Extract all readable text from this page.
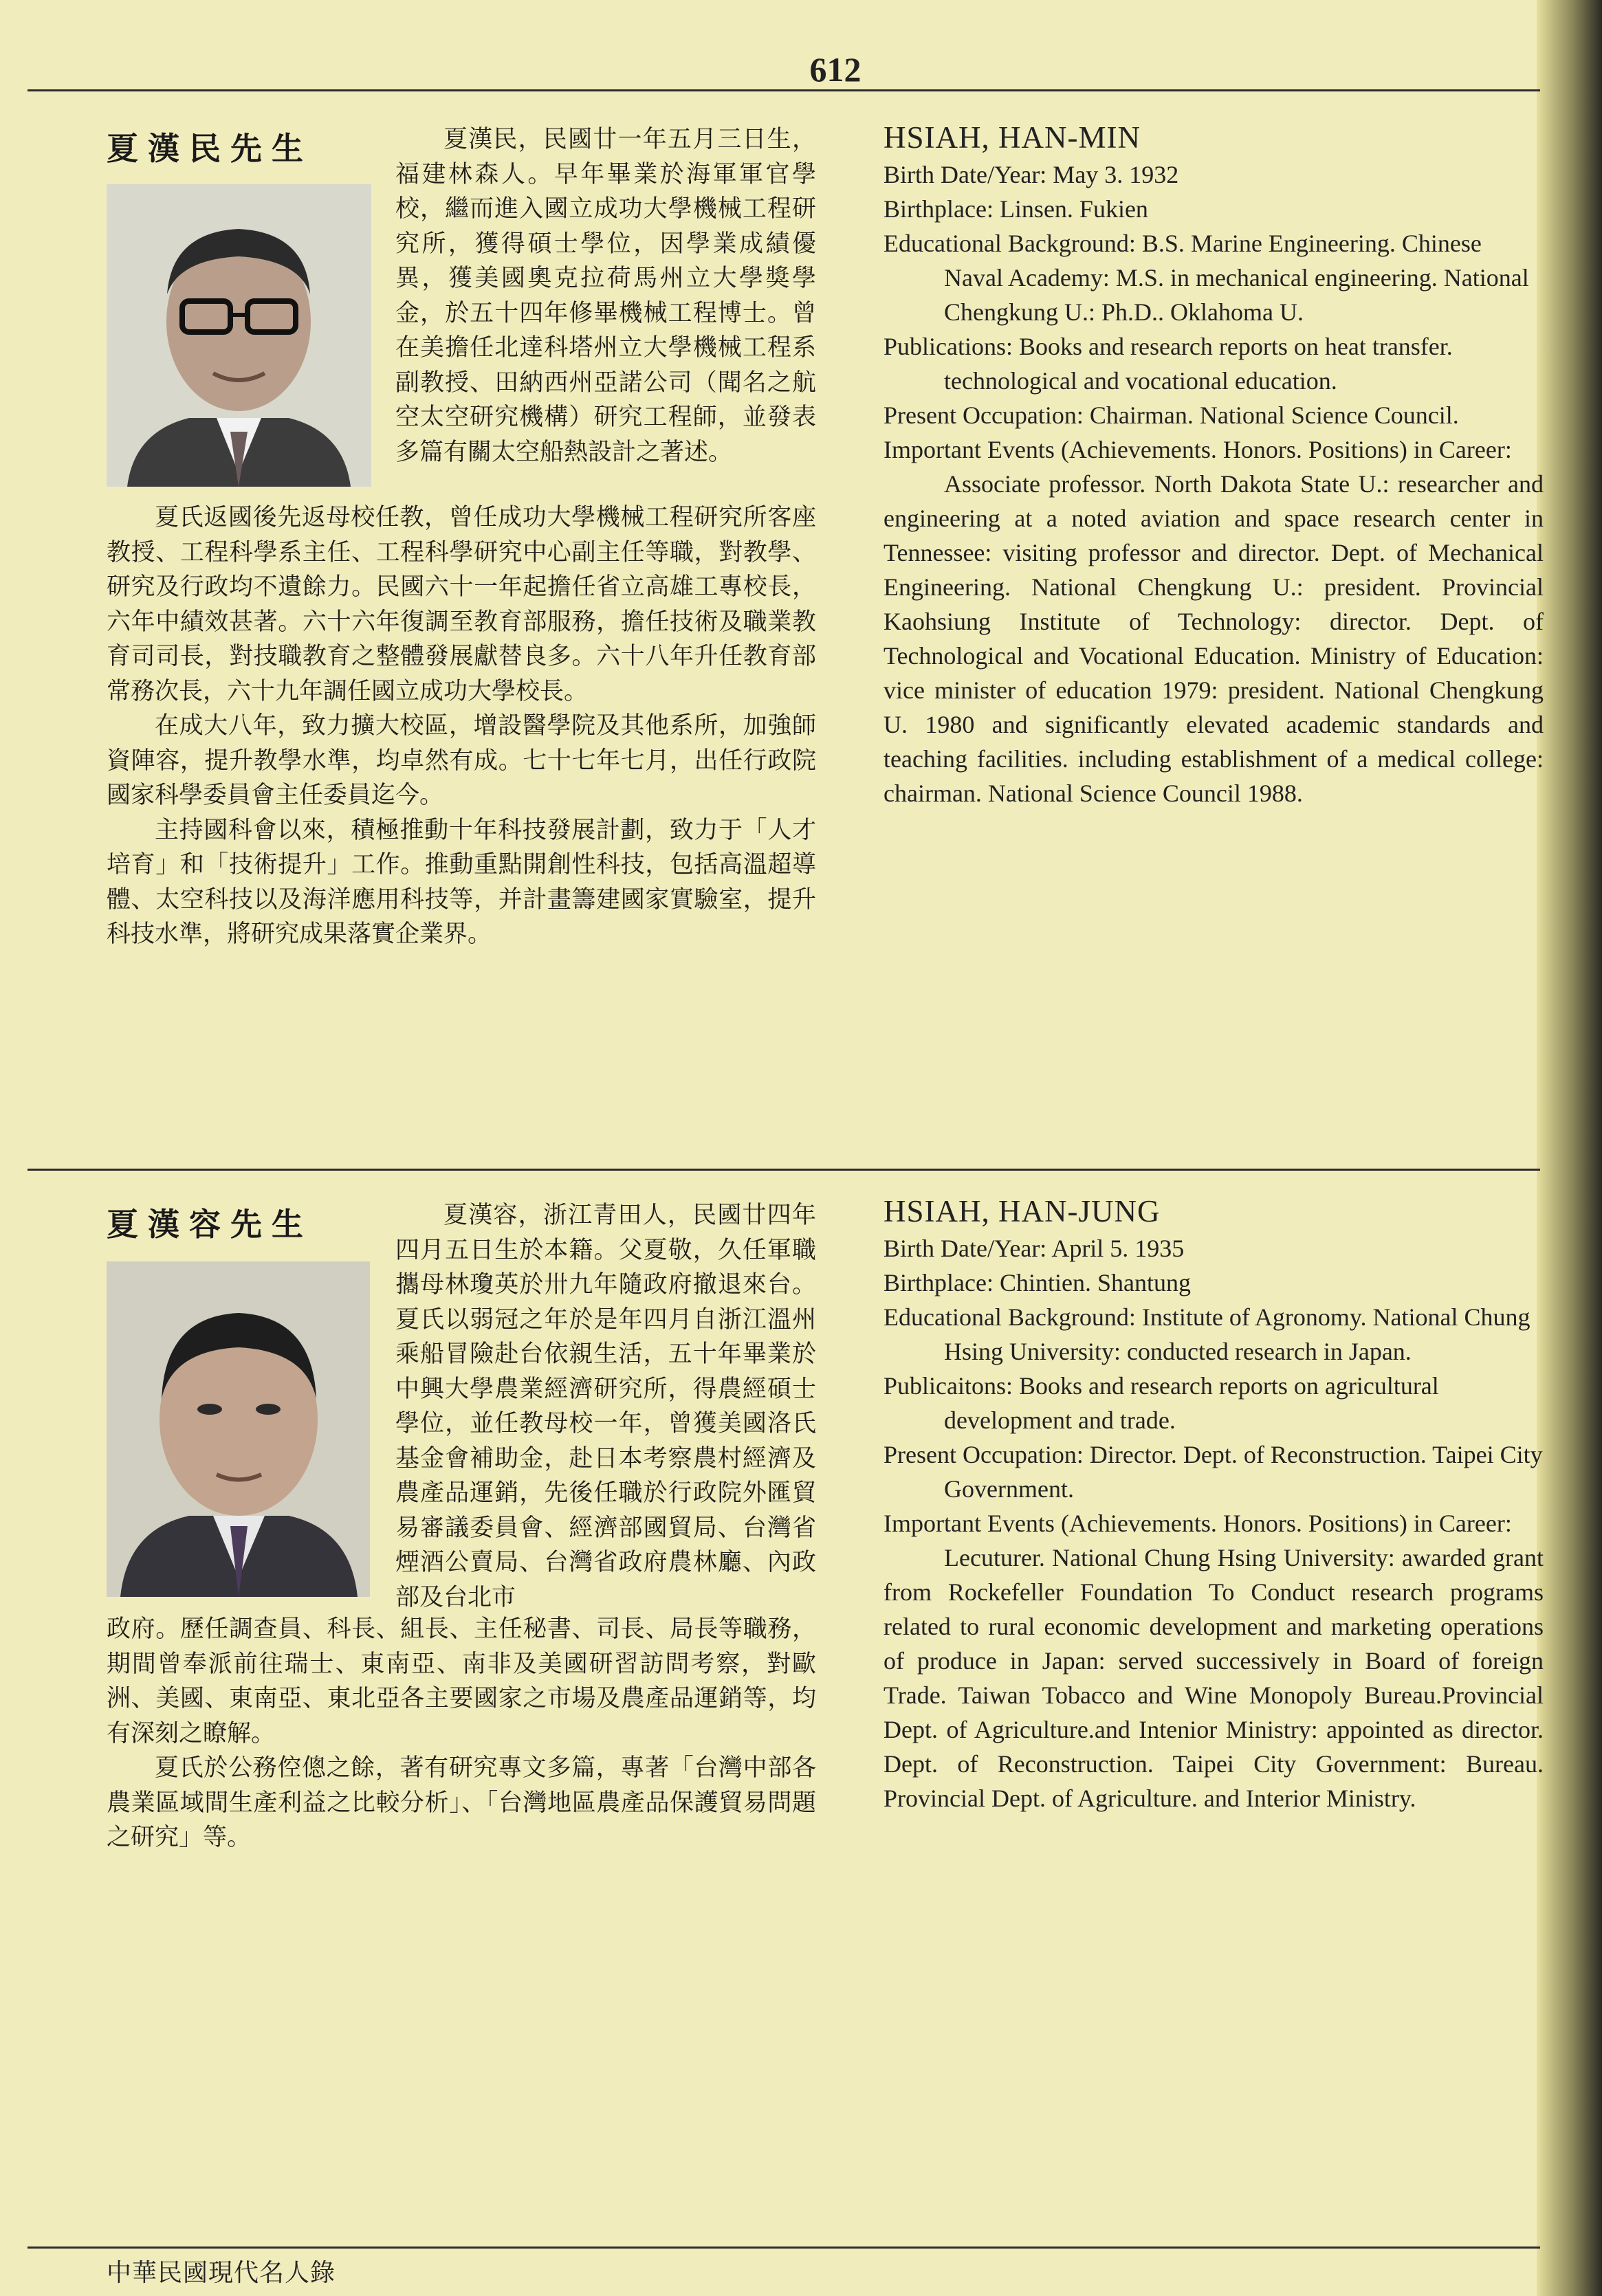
612
夏漢民先生	夏漢民，民國廿一年五月三日生，福建林森人。早年畢業於海軍軍官學校，繼而進入國立成功大學機械工程研究所，獲得碩士學位，因學業成績優異，獲美國奧克拉荷馬州立大學獎學金，於五十四年修畢機械工程博士。曾在美擔任北達科塔州立大學機械工程系副教授、田納西州亞諾公司（聞名之航空太空研究機構）研究工程師，並發表多篇有關太空船熱設計之著述。

夏氏返國後先返母校任教，曾任成功大學機械工程研究所客座教授、工程科學系主任、工程科學研究中心副主任等職，對教學、研究及行政均不遺餘力。民國六十一年起擔任省立高雄工專校長，六年中績效甚著。六十六年復調至教育部服務，擔任技術及職業教育司司長，對技職教育之整體發展獻替良多。六十八年升任教育部常務次長，六十九年調任國立成功大學校長。

在成大八年，致力擴大校區，增設醫學院及其他系所，加強師資陣容，提升教學水準，均卓然有成。七十七年七月，出任行政院國家科學委員會主任委員迄今。

主持國科會以來，積極推動十年科技發展計劃，致力于「人才培育」和「技術提升」工作。推動重點開創性科技，包括高溫超導體、太空科技以及海洋應用科技等，并計畫籌建國家實驗室，提升科技水準，將研究成果落實企業界。

HSIAH, HAN-MIN

Birth Date/Year: May 3. 1932

Birthplace: Linsen. Fukien

Educational Background: B.S. Marine Engineering. Chinese Naval Academy: M.S. in mechanical engineering. National Chengkung U.: Ph.D.. Oklahoma U.

Publications: Books and research reports on heat transfer. technological and vocational education.

Present Occupation: Chairman. National Science Council.

Important Events (Achievements. Honors. Positions) in Career:

Associate professor. North Dakota State U.: researcher and engineering at a noted aviation and space research center in Tennessee: visiting professor and director. Dept. of Mechanical Engineering. National Chengkung U.: president. Provincial Kaohsiung Institute of Technology: director. Dept. of Technological and Vocational Education. Ministry of Education: vice minister of education 1979: president. National Chengkung U. 1980 and significantly elevated academic standards and teaching facilities. including establishment of a medical college: chairman. National Science Council 1988.

夏漢容先生	夏漢容，浙江青田人，民國廿四年四月五日生於本籍。父夏敬，久任軍職攜母林瓊英於卅九年隨政府撤退來台。夏氏以弱冠之年於是年四月自浙江溫州乘船冒險赴台依親生活，五十年畢業於中興大學農業經濟研究所，得農經碩士學位，並任教母校一年，曾獲美國洛氏基金會補助金，赴日本考察農村經濟及農產品運銷，先後任職於行政院外匯貿易審議委員會、經濟部國貿局、台灣省煙酒公賣局、台灣省政府農林廳、內政部及台北市

政府。歷任調查員、科長、組長、主任秘書、司長、局長等職務，期間曾奉派前往瑞士、東南亞、南非及美國研習訪問考察，對歐洲、美國、東南亞、東北亞各主要國家之市場及農產品運銷等，均有深刻之瞭解。

夏氏於公務倥傯之餘，著有研究專文多篇，專著「台灣中部各農業區域間生產利益之比較分析」、「台灣地區農產品保護貿易問題之研究」等。

HSIAH, HAN-JUNG

Birth Date/Year: April 5. 1935

Birthplace: Chintien. Shantung

Educational Background: Institute of Agronomy. National Chung Hsing University: conducted research in Japan.

Publicaitons: Books and research reports on agricultural development and trade.

Present Occupation: Director. Dept. of Reconstruction. Taipei City Government.

Important Events (Achievements. Honors. Positions) in Career:

Lecuturer. National Chung Hsing University: awarded grant from Rockefeller Foundation To Conduct research programs related to rural economic development and marketing operations of produce in Japan: served successively in Board of foreign Trade. Taiwan Tobacco and Wine Monopoly Bureau.Provincial Dept. of Agriculture.and Intenior Ministry: appointed as director. Dept. of Reconstruction. Taipei City Government: Bureau. Provincial Dept. of Agriculture. and Interior Ministry.

中華民國現代名人錄
